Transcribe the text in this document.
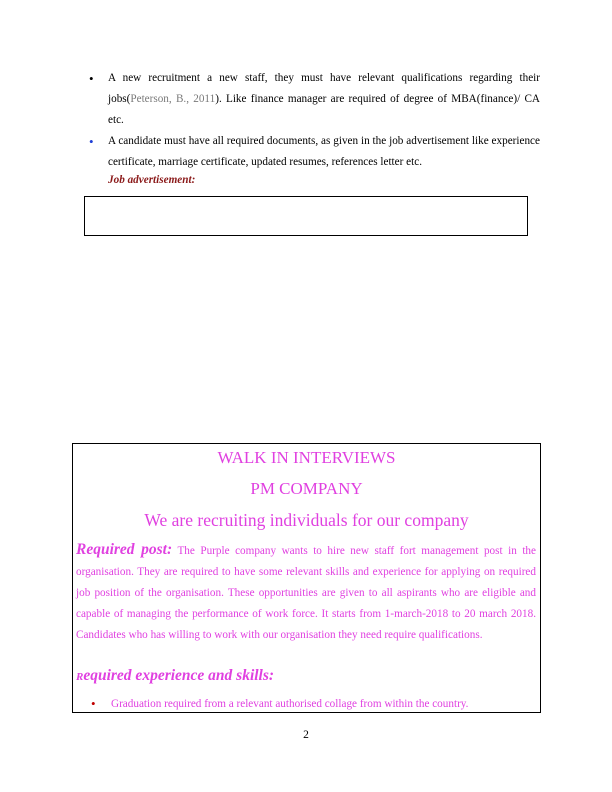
• A new recruitment a new staff, they must have relevant qualifications regarding their jobs(Peterson, B., 2011). Like finance manager are required of degree of MBA(finance)/ CA etc.
• A candidate must have all required documents, as given in the job advertisement like experience certificate, marriage certificate, updated resumes, references letter etc.
Job advertisement:
WALK IN INTERVIEWS
PM COMPANY
We are recruiting individuals for our company
Required post: The Purple company wants to hire new staff fort management post in the organisation. They are required to have some relevant skills and experience for applying on required job position of the organisation. These opportunities are given to all aspirants who are eligible and capable of managing the performance of work force. It starts from 1-march-2018 to 20 march 2018. Candidates who has willing to work with our organisation they need require qualifications.
Required experience and skills:
• Graduation required from a relevant authorised collage from within the country.
2
